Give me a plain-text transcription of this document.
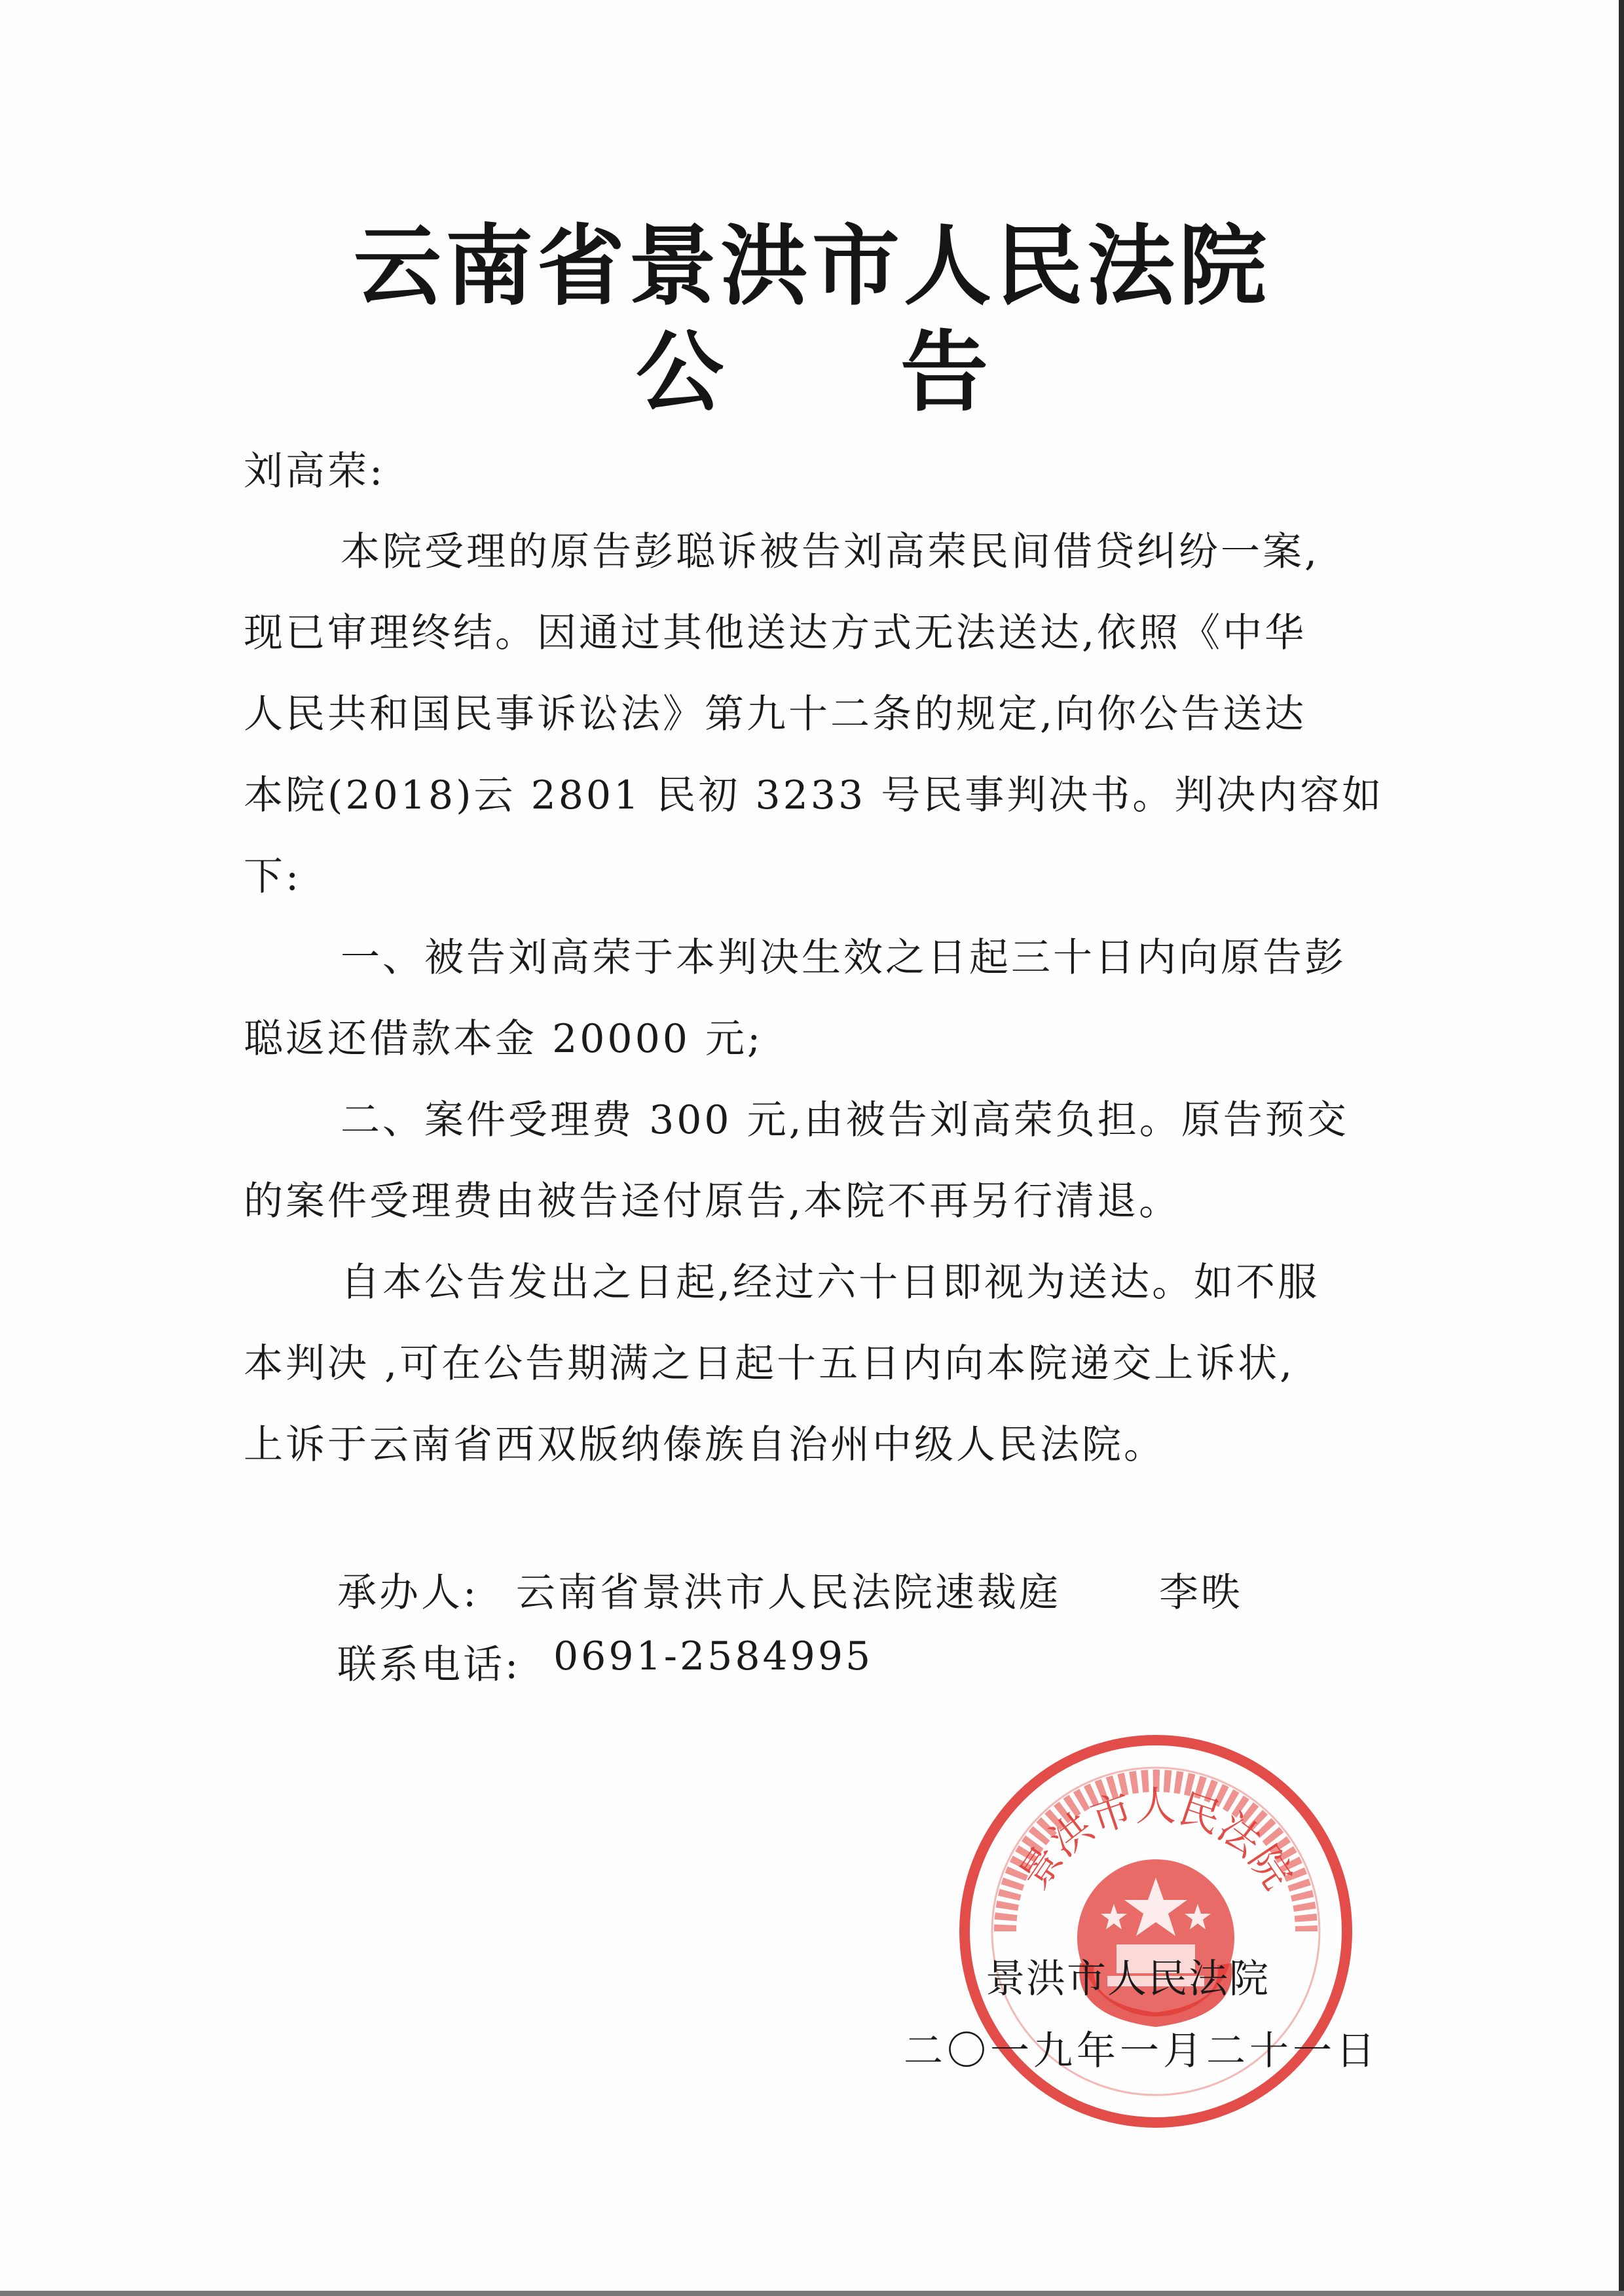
云南省景洪市人民法院
公告

刘高荣:

本院受理的原告彭聪诉被告刘高荣民间借贷纠纷一案,

现已审理终结。因通过其他送达方式无法送达,依照《中华

人民共和国民事诉讼法》第九十二条的规定,向你公告送达

本院(2018)云 2801 民初 3233 号民事判决书。判决内容如

下:

一、被告刘高荣于本判决生效之日起三十日内向原告彭

聪返还借款本金 20000 元;

二、案件受理费 300 元,由被告刘高荣负担。原告预交

的案件受理费由被告迳付原告,本院不再另行清退。

自本公告发出之日起,经过六十日即视为送达。如不服

本判决 ,可在公告期满之日起十五日内向本院递交上诉状,

上诉于云南省西双版纳傣族自治州中级人民法院。

承办人: 云南省景洪市人民法院速裁庭	李昳
联系电话: 0691-2584995
景洪市人民法院

景洪市人民法院

二〇一九年一月二十一日
